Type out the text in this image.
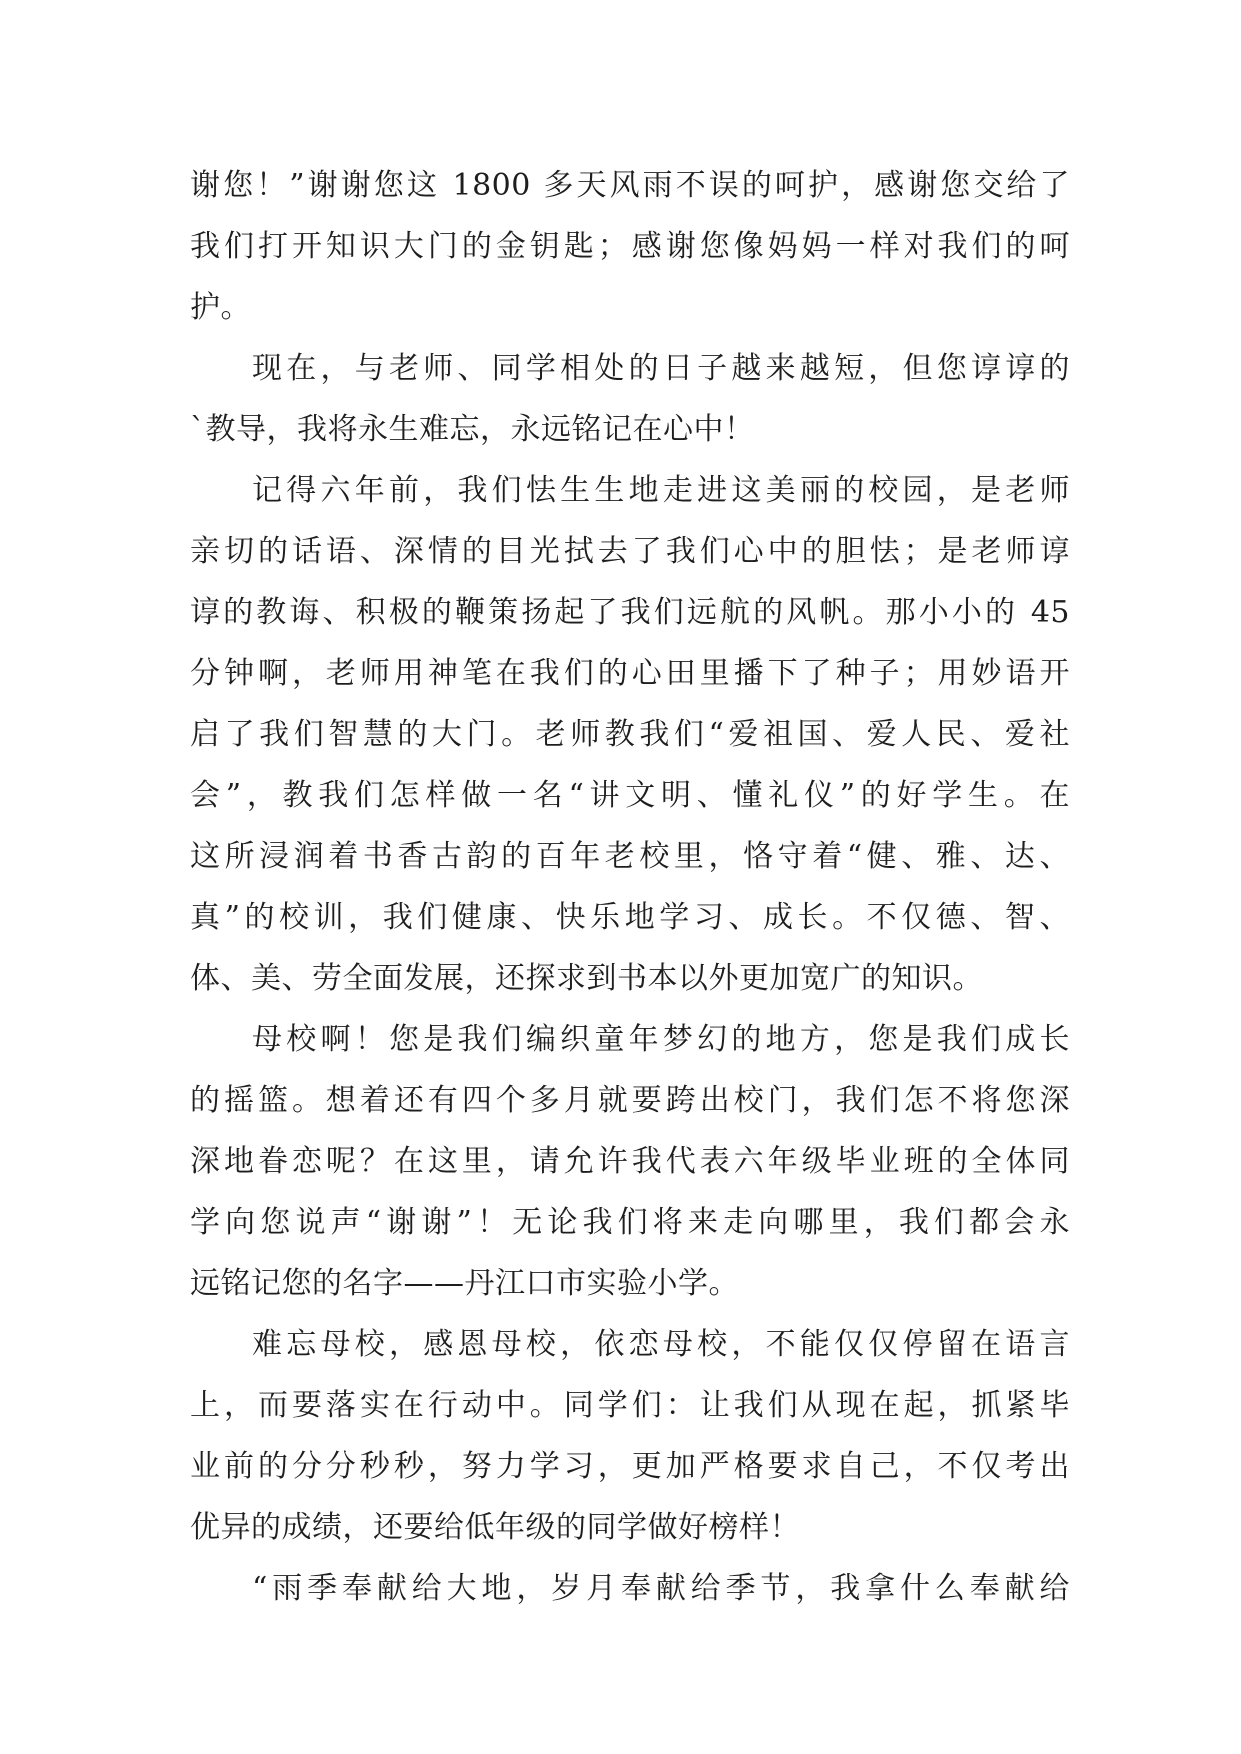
谢您！”谢谢您这 1800 多天风雨不误的呵护，感谢您交给了
我们打开知识大门的金钥匙；感谢您像妈妈一样对我们的呵
护。
现在，与老师、同学相处的日子越来越短，但您谆谆的
`教导，我将永生难忘，永远铭记在心中！
记得六年前，我们怯生生地走进这美丽的校园，是老师
亲切的话语、深情的目光拭去了我们心中的胆怯；是老师谆
谆的教诲、积极的鞭策扬起了我们远航的风帆。那小小的 45
分钟啊，老师用神笔在我们的心田里播下了种子；用妙语开
启了我们智慧的大门。老师教我们“爱祖国、爱人民、爱社
会”，教我们怎样做一名“讲文明、懂礼仪”的好学生。在
这所浸润着书香古韵的百年老校里，恪守着“健、雅、达、
真”的校训，我们健康、快乐地学习、成长。不仅德、智、
体、美、劳全面发展，还探求到书本以外更加宽广的知识。
母校啊！您是我们编织童年梦幻的地方，您是我们成长
的摇篮。想着还有四个多月就要跨出校门，我们怎不将您深
深地眷恋呢？在这里，请允许我代表六年级毕业班的全体同
学向您说声“谢谢”！无论我们将来走向哪里，我们都会永
远铭记您的名字——丹江口市实验小学。
难忘母校，感恩母校，依恋母校，不能仅仅停留在语言
上，而要落实在行动中。同学们：让我们从现在起，抓紧毕
业前的分分秒秒，努力学习，更加严格要求自己，不仅考出
优异的成绩，还要给低年级的同学做好榜样！
“雨季奉献给大地，岁月奉献给季节，我拿什么奉献给
